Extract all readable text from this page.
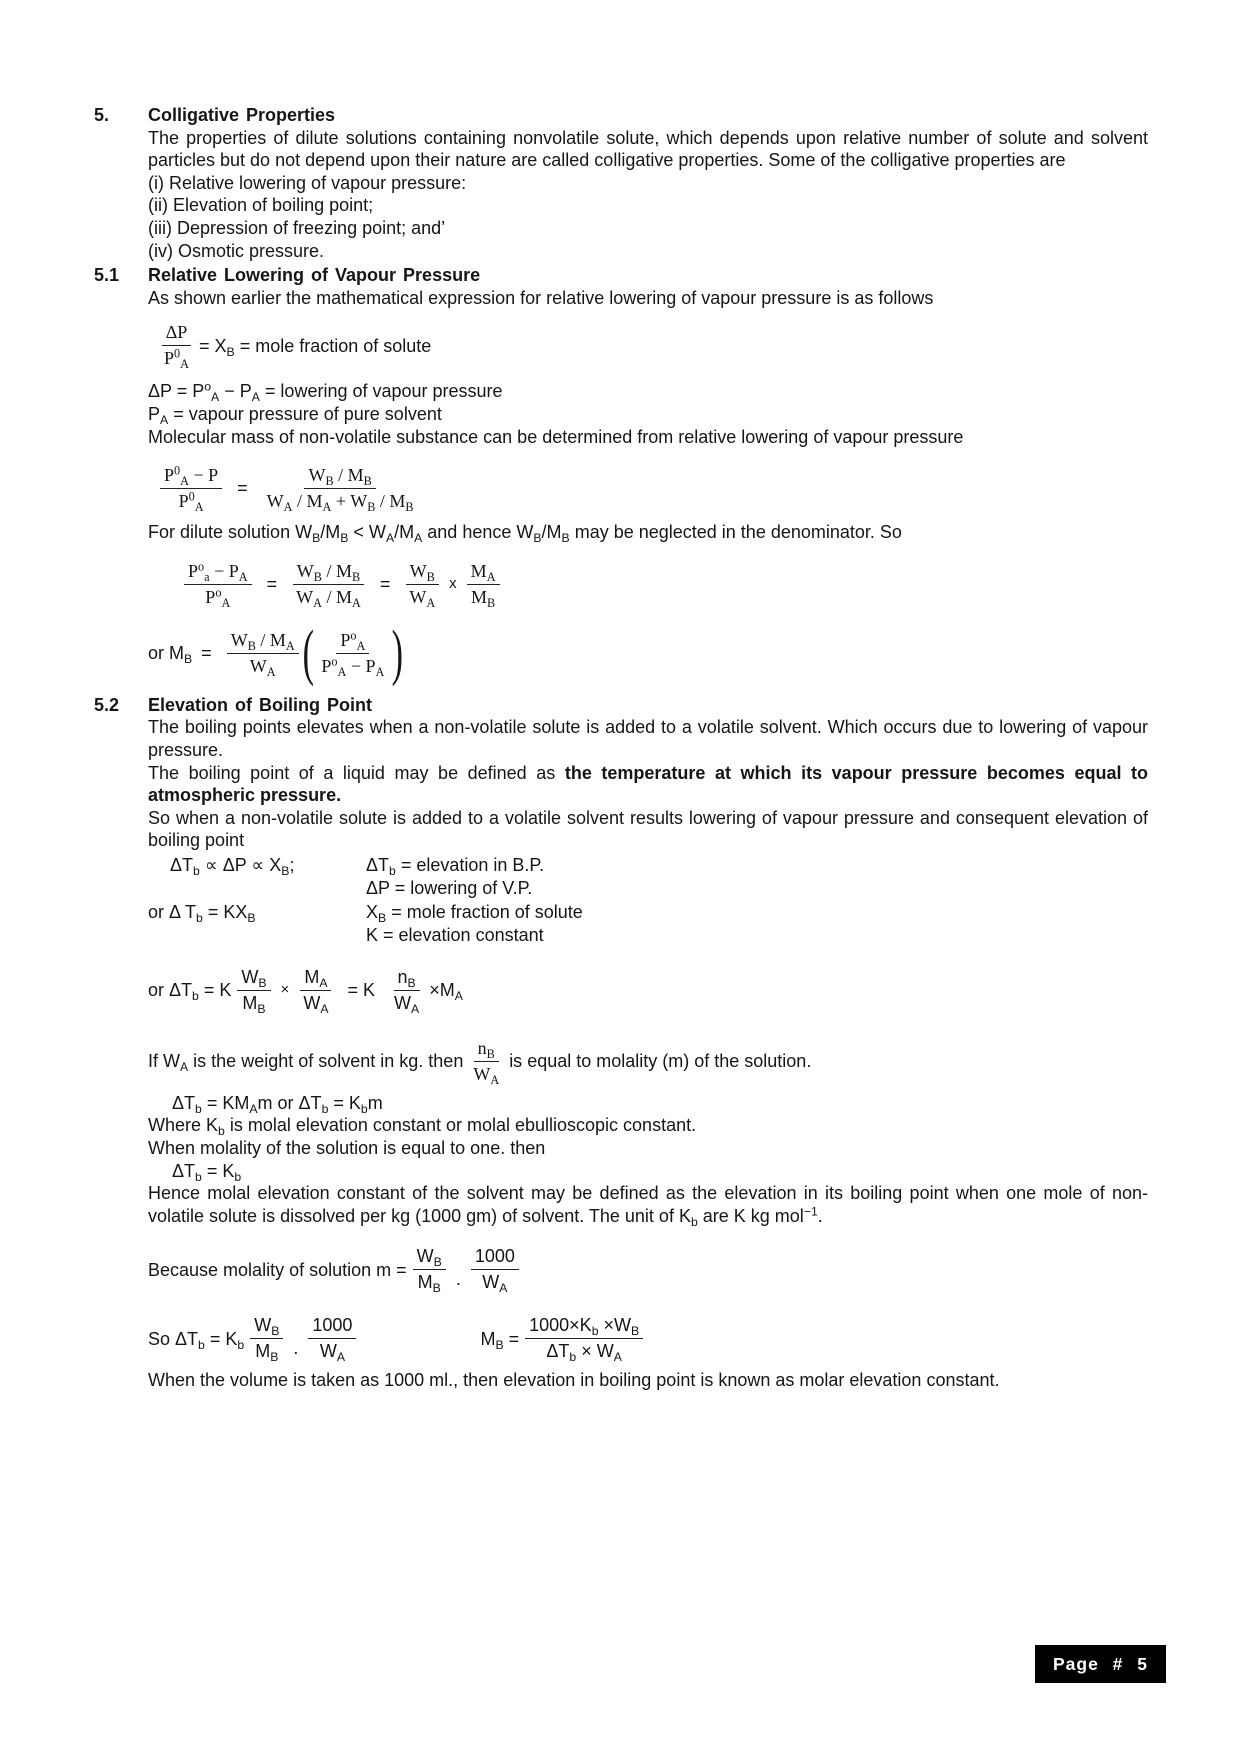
5.	Colligative Properties

The properties of dilute solutions containing nonvolatile solute, which depends upon relative number of solute and solvent particles but do not depend upon their nature are called colligative properties. Some of the colligative properties are

(i) Relative lowering of vapour pressure:
(ii) Elevation of boiling point;
(iii) Depression of freezing point; and’
(iv) Osmotic pressure.
5.1	Relative Lowering of Vapour Pressure
As shown earlier the mathematical expression for relative lowering of vapour pressure is as follows
$\frac{\Delta P}{P^0_A} = X_B$ = mole fraction of solute
$\Delta P = P^o_A - P_A$ = lowering of vapour pressure
$P_A$ = vapour pressure of pure solvent
Molecular mass of non-volatile substance can be determined from relative lowering of vapour pressure
$\frac{P^0_A - P}{P^0_A} = \frac{W_B / M_B}{W_A / M_A + W_B / M_B}$
For dilute solution $W_B/M_B < W_A/M_A$ and hence $W_B/M_B$ may be neglected in the denominator. So
$\frac{P^o_a - P_A}{P^o_A} = \frac{W_B / M_B}{W_A / M_A} = \frac{W_B}{W_A}$ x $\frac{M_A}{M_B}$
or $M_B = \frac{W_B / M_A}{W_A}$ ( $\frac{P^o_A}{P^o_A - P_A}$ )
5.2	Elevation of Boiling Point

The boiling points elevates when a non-volatile solute is added to a volatile solvent. Which occurs due to lowering of vapour pressure.

The boiling point of a liquid may be defined as the temperature at which its vapour pressure becomes equal to atmospheric pressure.

So when a non-volatile solute is added to a volatile solvent results lowering of vapour pressure and consequent elevation of boiling point

$\Delta T_b \propto \Delta P \propto X_B$;	$\Delta T_b$ = elevation in B.P.
ΔP = lowering of V.P.
or Δ $T_b = KX_B$	$X_B$ = mole fraction of solute
K = elevation constant
or $\Delta T_b = K \frac{W_B}{M_B} \times \frac{M_A}{W_A} = K \frac{n_B}{W_A} \times M_A$
If $W_A$ is the weight of solvent in kg. then $\frac{n_B}{W_A}$ is equal to molality (m) of the solution.
$\Delta T_b = KM_Am$ or $\Delta T_b = K_bm$
Where $K_b$ is molal elevation constant or molal ebullioscopic constant.
When molality of the solution is equal to one. then
$\Delta T_b = K_b$

Hence molal elevation constant of the solvent may be defined as the elevation in its boiling point when one mole of non-volatile solute is dissolved per kg (1000 gm) of solvent. The unit of $K_b$ are K kg mol$^{-1}$.

Because molality of solution $m = \frac{W_B}{M_B}$ . $\frac{1000}{W_A}$
So $\Delta T_b = K_b \frac{W_B}{M_B}$ . $\frac{1000}{W_A}$	$M_B = \frac{1000\times K_b \times W_B}{\Delta T_b \times W_A}$
When the volume is taken as 1000 ml., then elevation in boiling point is known as molar elevation constant.
Page # 5
